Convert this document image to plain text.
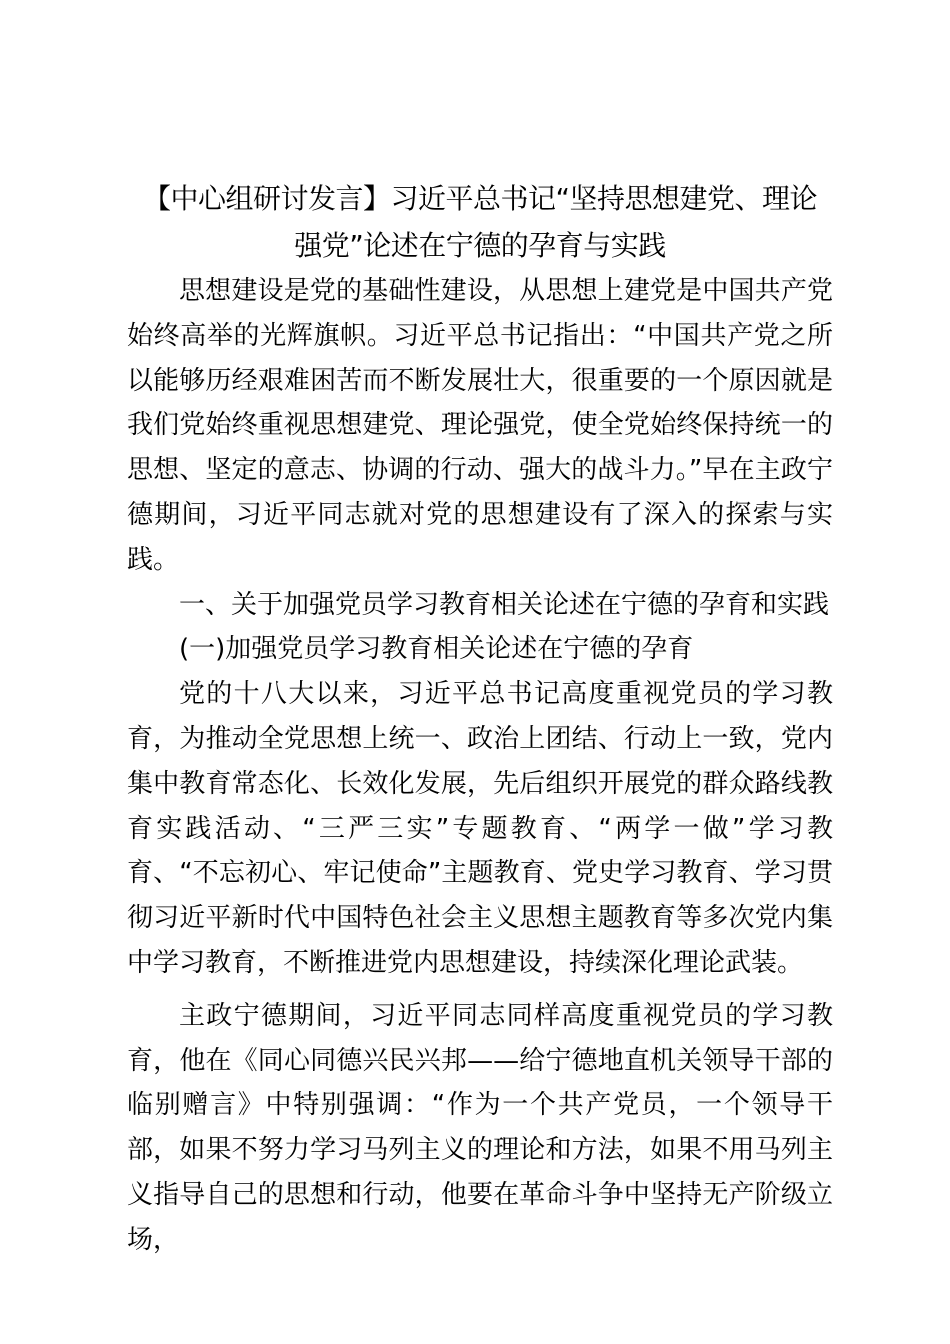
【中心组研讨发言】习近平总书记“坚持思想建党、理论
强党”论述在宁德的孕育与实践

思想建设是党的基础性建设，从思想上建党是中国共产党始终高举的光辉旗帜。习近平总书记指出：“中国共产党之所以能够历经艰难困苦而不断发展壮大，很重要的一个原因就是我们党始终重视思想建党、理论强党，使全党始终保持统一的思想、坚定的意志、协调的行动、强大的战斗力。”早在主政宁德期间，习近平同志就对党的思想建设有了深入的探索与实践。

一、关于加强党员学习教育相关论述在宁德的孕育和实践

(一)加强党员学习教育相关论述在宁德的孕育

党的十八大以来，习近平总书记高度重视党员的学习教育，为推动全党思想上统一、政治上团结、行动上一致，党内集中教育常态化、长效化发展，先后组织开展党的群众路线教育实践活动、“三严三实”专题教育、“两学一做”学习教育、“不忘初心、牢记使命”主题教育、党史学习教育、学习贯彻习近平新时代中国特色社会主义思想主题教育等多次党内集中学习教育，不断推进党内思想建设，持续深化理论武装。

主政宁德期间，习近平同志同样高度重视党员的学习教育，他在《同心同德兴民兴邦——给宁德地直机关领导干部的临别赠言》中特别强调：“作为一个共产党员，一个领导干部，如果不努力学习马列主义的理论和方法，如果不用马列主义指导自己的思想和行动，他要在革命斗争中坚持无产阶级立场，
